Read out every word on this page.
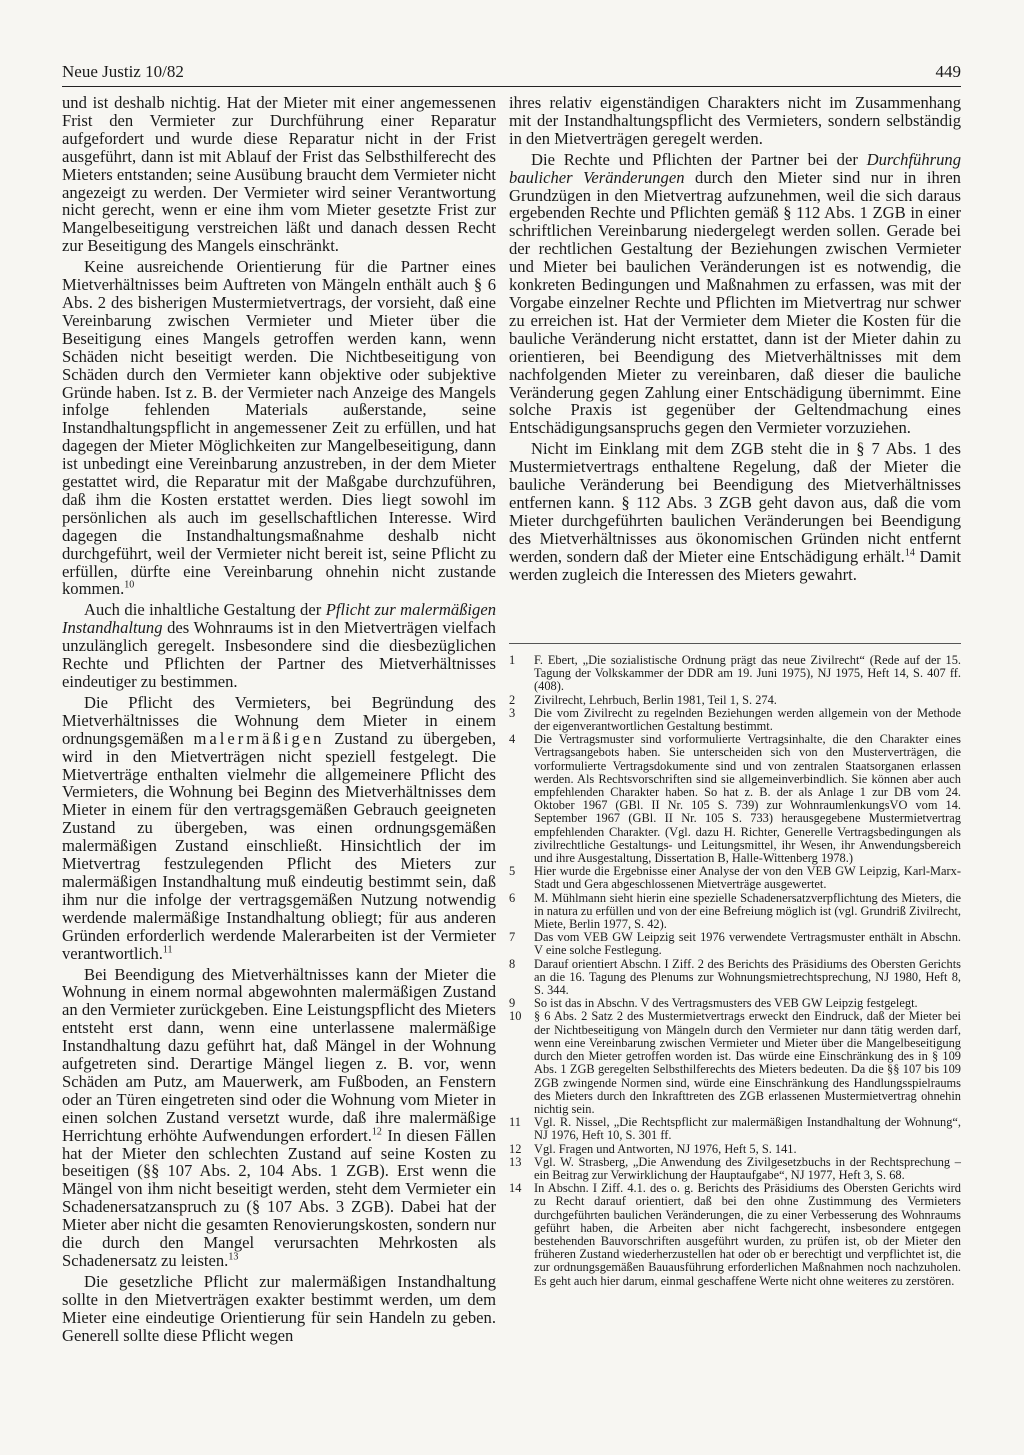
Neue Justiz 10/82	449

und ist deshalb nichtig. Hat der Mieter mit einer angemessenen Frist den Vermieter zur Durchführung einer Reparatur aufgefordert und wurde diese Reparatur nicht in der Frist ausgeführt, dann ist mit Ablauf der Frist das Selbsthilferecht des Mieters entstanden; seine Ausübung braucht dem Vermieter nicht angezeigt zu werden. Der Vermieter wird seiner Verantwortung nicht gerecht, wenn er eine ihm vom Mieter gesetzte Frist zur Mangelbeseitigung verstreichen läßt und danach dessen Recht zur Beseitigung des Mangels einschränkt.

Keine ausreichende Orientierung für die Partner eines Mietverhältnisses beim Auftreten von Mängeln enthält auch § 6 Abs. 2 des bisherigen Mustermietvertrags, der vorsieht, daß eine Vereinbarung zwischen Vermieter und Mieter über die Beseitigung eines Mangels getroffen werden kann, wenn Schäden nicht beseitigt werden. Die Nichtbeseitigung von Schäden durch den Vermieter kann objektive oder subjektive Gründe haben. Ist z. B. der Vermieter nach Anzeige des Mangels infolge fehlenden Materials außerstande, seine Instandhaltungspflicht in angemessener Zeit zu erfüllen, und hat dagegen der Mieter Möglichkeiten zur Mangelbeseitigung, dann ist unbedingt eine Vereinbarung anzustreben, in der dem Mieter gestattet wird, die Reparatur mit der Maßgabe durchzuführen, daß ihm die Kosten erstattet werden. Dies liegt sowohl im persönlichen als auch im gesellschaftlichen Interesse. Wird dagegen die Instandhaltungsmaßnahme deshalb nicht durchgeführt, weil der Vermieter nicht bereit ist, seine Pflicht zu erfüllen, dürfte eine Vereinbarung ohnehin nicht zustande kommen.$^{10}$

Auch die inhaltliche Gestaltung der Pflicht zur malermäßigen Instandhaltung des Wohnraums ist in den Mietverträgen vielfach unzulänglich geregelt. Insbesondere sind die diesbezüglichen Rechte und Pflichten der Partner des Mietverhältnisses eindeutiger zu bestimmen.

Die Pflicht des Vermieters, bei Begründung des Mietverhältnisses die Wohnung dem Mieter in einem ordnungsgemäßen malermäßigen Zustand zu übergeben, wird in den Mietverträgen nicht speziell festgelegt. Die Mietverträge enthalten vielmehr die allgemeinere Pflicht des Vermieters, die Wohnung bei Beginn des Mietverhältnisses dem Mieter in einem für den vertragsgemäßen Gebrauch geeigneten Zustand zu übergeben, was einen ordnungsgemäßen malermäßigen Zustand einschließt. Hinsichtlich der im Mietvertrag festzulegenden Pflicht des Mieters zur malermäßigen Instandhaltung muß eindeutig bestimmt sein, daß ihm nur die infolge der vertragsgemäßen Nutzung notwendig werdende malermäßige Instandhaltung obliegt; für aus anderen Gründen erforderlich werdende Malerarbeiten ist der Vermieter verantwortlich.$^{11}$

Bei Beendigung des Mietverhältnisses kann der Mieter die Wohnung in einem normal abgewohnten malermäßigen Zustand an den Vermieter zurückgeben. Eine Leistungspflicht des Mieters entsteht erst dann, wenn eine unterlassene malermäßige Instandhaltung dazu geführt hat, daß Mängel in der Wohnung aufgetreten sind. Derartige Mängel liegen z. B. vor, wenn Schäden am Putz, am Mauerwerk, am Fußboden, an Fenstern oder an Türen eingetreten sind oder die Wohnung vom Mieter in einen solchen Zustand versetzt wurde, daß ihre malermäßige Herrichtung erhöhte Aufwendungen erfordert.$^{12}$ In diesen Fällen hat der Mieter den schlechten Zustand auf seine Kosten zu beseitigen (§§ 107 Abs. 2, 104 Abs. 1 ZGB). Erst wenn die Mängel von ihm nicht beseitigt werden, steht dem Vermieter ein Schadenersatzanspruch zu (§ 107 Abs. 3 ZGB). Dabei hat der Mieter aber nicht die gesamten Renovierungskosten, sondern nur die durch den Mangel verursachten Mehrkosten als Schadenersatz zu leisten.$^{13}$

Die gesetzliche Pflicht zur malermäßigen Instandhaltung sollte in den Mietverträgen exakter bestimmt werden, um dem Mieter eine eindeutige Orientierung für sein Handeln zu geben. Generell sollte diese Pflicht wegen

ihres relativ eigenständigen Charakters nicht im Zusammenhang mit der Instandhaltungspflicht des Vermieters, sondern selbständig in den Mietverträgen geregelt werden.

Die Rechte und Pflichten der Partner bei der Durchführung baulicher Veränderungen durch den Mieter sind nur in ihren Grundzügen in den Mietvertrag aufzunehmen, weil die sich daraus ergebenden Rechte und Pflichten gemäß § 112 Abs. 1 ZGB in einer schriftlichen Vereinbarung niedergelegt werden sollen. Gerade bei der rechtlichen Gestaltung der Beziehungen zwischen Vermieter und Mieter bei baulichen Veränderungen ist es notwendig, die konkreten Bedingungen und Maßnahmen zu erfassen, was mit der Vorgabe einzelner Rechte und Pflichten im Mietvertrag nur schwer zu erreichen ist. Hat der Vermieter dem Mieter die Kosten für die bauliche Veränderung nicht erstattet, dann ist der Mieter dahin zu orientieren, bei Beendigung des Mietverhältnisses mit dem nachfolgenden Mieter zu vereinbaren, daß dieser die bauliche Veränderung gegen Zahlung einer Entschädigung übernimmt. Eine solche Praxis ist gegenüber der Geltendmachung eines Entschädigungsanspruchs gegen den Vermieter vorzuziehen.

Nicht im Einklang mit dem ZGB steht die in § 7 Abs. 1 des Mustermietvertrags enthaltene Regelung, daß der Mieter die bauliche Veränderung bei Beendigung des Mietverhältnisses entfernen kann. § 112 Abs. 3 ZGB geht davon aus, daß die vom Mieter durchgeführten baulichen Veränderungen bei Beendigung des Mietverhältnisses aus ökonomischen Gründen nicht entfernt werden, sondern daß der Mieter eine Entschädigung erhält.$^{14}$ Damit werden zugleich die Interessen des Mieters gewahrt.

1	F. Ebert, „Die sozialistische Ordnung prägt das neue Zivilrecht“ (Rede auf der 15. Tagung der Volkskammer der DDR am 19. Juni 1975), NJ 1975, Heft 14, S. 407 ff. (408).
2	Zivilrecht, Lehrbuch, Berlin 1981, Teil 1, S. 274.
3	Die vom Zivilrecht zu regelnden Beziehungen werden allgemein von der Methode der eigenverantwortlichen Gestaltung bestimmt.
4	Die Vertragsmuster sind vorformulierte Vertragsinhalte, die den Charakter eines Vertragsangebots haben. Sie unterscheiden sich von den Musterverträgen, die vorformulierte Vertragsdokumente sind und von zentralen Staatsorganen erlassen werden. Als Rechtsvorschriften sind sie allgemeinverbindlich. Sie können aber auch empfehlenden Charakter haben. So hat z. B. der als Anlage 1 zur DB vom 24. Oktober 1967 (GBl. II Nr. 105 S. 739) zur WohnraumlenkungsVO vom 14. September 1967 (GBl. II Nr. 105 S. 733) herausgegebene Mustermietvertrag empfehlenden Charakter. (Vgl. dazu H. Richter, Generelle Vertragsbedingungen als zivilrechtliche Gestaltungs- und Leitungsmittel, ihr Wesen, ihr Anwendungsbereich und ihre Ausgestaltung, Dissertation B, Halle-Wittenberg 1978.)
5	Hier wurde die Ergebnisse einer Analyse der von den VEB GW Leipzig, Karl-Marx-Stadt und Gera abgeschlossenen Mietverträge ausgewertet.
6	M. Mühlmann sieht hierin eine spezielle Schadenersatzverpflichtung des Mieters, die in natura zu erfüllen und von der eine Befreiung möglich ist (vgl. Grundriß Zivilrecht, Miete, Berlin 1977, S. 42).
7	Das vom VEB GW Leipzig seit 1976 verwendete Vertragsmuster enthält in Abschn. V eine solche Festlegung.
8	Darauf orientiert Abschn. I Ziff. 2 des Berichts des Präsidiums des Obersten Gerichts an die 16. Tagung des Plenums zur Wohnungsmietrechtsprechung, NJ 1980, Heft 8, S. 344.
9	So ist das in Abschn. V des Vertragsmusters des VEB GW Leipzig festgelegt.
10	§ 6 Abs. 2 Satz 2 des Mustermietvertrags erweckt den Eindruck, daß der Mieter bei der Nichtbeseitigung von Mängeln durch den Vermieter nur dann tätig werden darf, wenn eine Vereinbarung zwischen Vermieter und Mieter über die Mangelbeseitigung durch den Mieter getroffen worden ist. Das würde eine Einschränkung des in § 109 Abs. 1 ZGB geregelten Selbsthilferechts des Mieters bedeuten. Da die §§ 107 bis 109 ZGB zwingende Normen sind, würde eine Einschränkung des Handlungsspielraums des Mieters durch den Inkrafttreten des ZGB erlassenen Mustermietvertrag ohnehin nichtig sein.
11	Vgl. R. Nissel, „Die Rechtspflicht zur malermäßigen Instandhaltung der Wohnung“, NJ 1976, Heft 10, S. 301 ff.
12	Vgl. Fragen und Antworten, NJ 1976, Heft 5, S. 141.
13	Vgl. W. Strasberg, „Die Anwendung des Zivilgesetzbuchs in der Rechtsprechung – ein Beitrag zur Verwirklichung der Hauptaufgabe“, NJ 1977, Heft 3, S. 68.
14	In Abschn. I Ziff. 4.1. des o. g. Berichts des Präsidiums des Obersten Gerichts wird zu Recht darauf orientiert, daß bei den ohne Zustimmung des Vermieters durchgeführten baulichen Veränderungen, die zu einer Verbesserung des Wohnraums geführt haben, die Arbeiten aber nicht fachgerecht, insbesondere entgegen bestehenden Bauvorschriften ausgeführt wurden, zu prüfen ist, ob der Mieter den früheren Zustand wiederherzustellen hat oder ob er berechtigt und verpflichtet ist, die zur ordnungsgemäßen Bauausführung erforderlichen Maßnahmen noch nachzuholen. Es geht auch hier darum, einmal geschaffene Werte nicht ohne weiteres zu zerstören.
